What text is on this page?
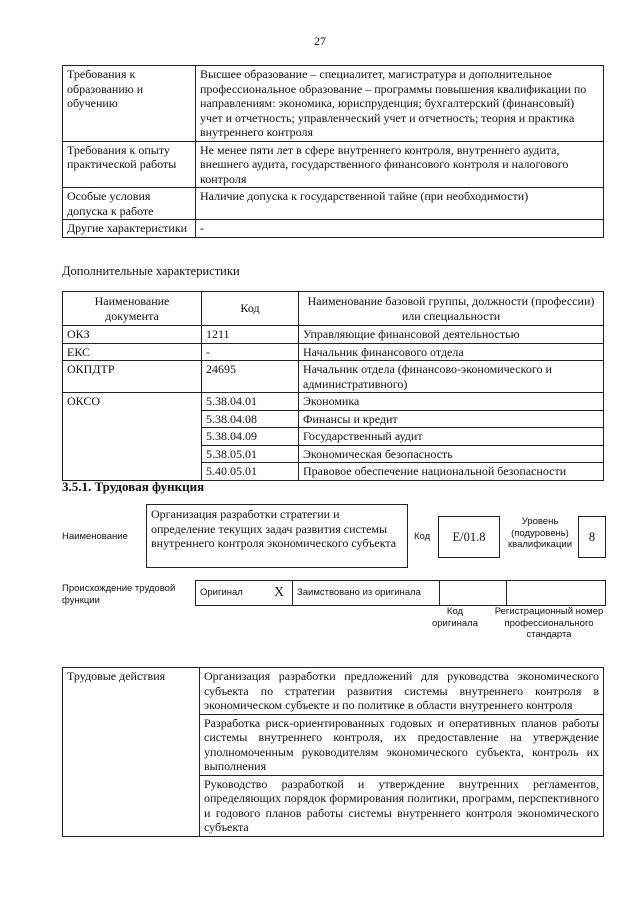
27
Требования к образованию и обучению	Высшее образование – специалитет, магистратура и дополнительное профессиональное образование – программы повышения квалификации по направлениям: экономика, юриспруденция; бухгалтерский (финансовый) учет и отчетность; управленческий учет и отчетность; теория и практика внутреннего контроля
Требования к опыту практической работы	Не менее пяти лет в сфере внутреннего контроля, внутреннего аудита, внешнего аудита, государственного финансового контроля и налогового контроля
Особые условия допуска к работе	Наличие допуска к государственной тайне (при необходимости)
Другие характеристики	-
Дополнительные характеристики
Наименование документа	Код	Наименование базовой группы, должности (профессии) или специальности
ОКЗ	1211	Управляющие финансовой деятельностью
ЕКС	-	Начальник финансового отдела
ОКПДТР	24695	Начальник отдела (финансово-экономического и административного)
ОКСО	5.38.04.01	Экономика
	5.38.04.08	Финансы и кредит
	5.38.04.09	Государственный аудит
	5.38.05.01	Экономическая безопасность
	5.40.05.01	Правовое обеспечение национальной безопасности
3.5.1. Трудовая функция
Наименование
Организация разработки стратегии и определение текущих задач развития системы внутреннего контроля экономического субъекта	Код	E/01.8
Уровень (подуровень) квалификации
8
Происхождение трудовой функции
Оригинал	X	Заимствовано из оригинала		
Код оригинала
Регистрационный номер профессионального стандарта
Трудовые действия	Организация разработки предложений для руководства экономического субъекта по стратегии развития системы внутреннего контроля в экономическом субъекте и по политике в области внутреннего контроля
Разработка риск-ориентированных годовых и оперативных планов работы системы внутреннего контроля, их предоставление на утверждение уполномоченным руководителям экономического субъекта, контроль их выполнения
Руководство разработкой и утверждение внутренних регламентов, определяющих порядок формирования политики, программ, перспективного и годового планов работы системы внутреннего контроля экономического субъекта
